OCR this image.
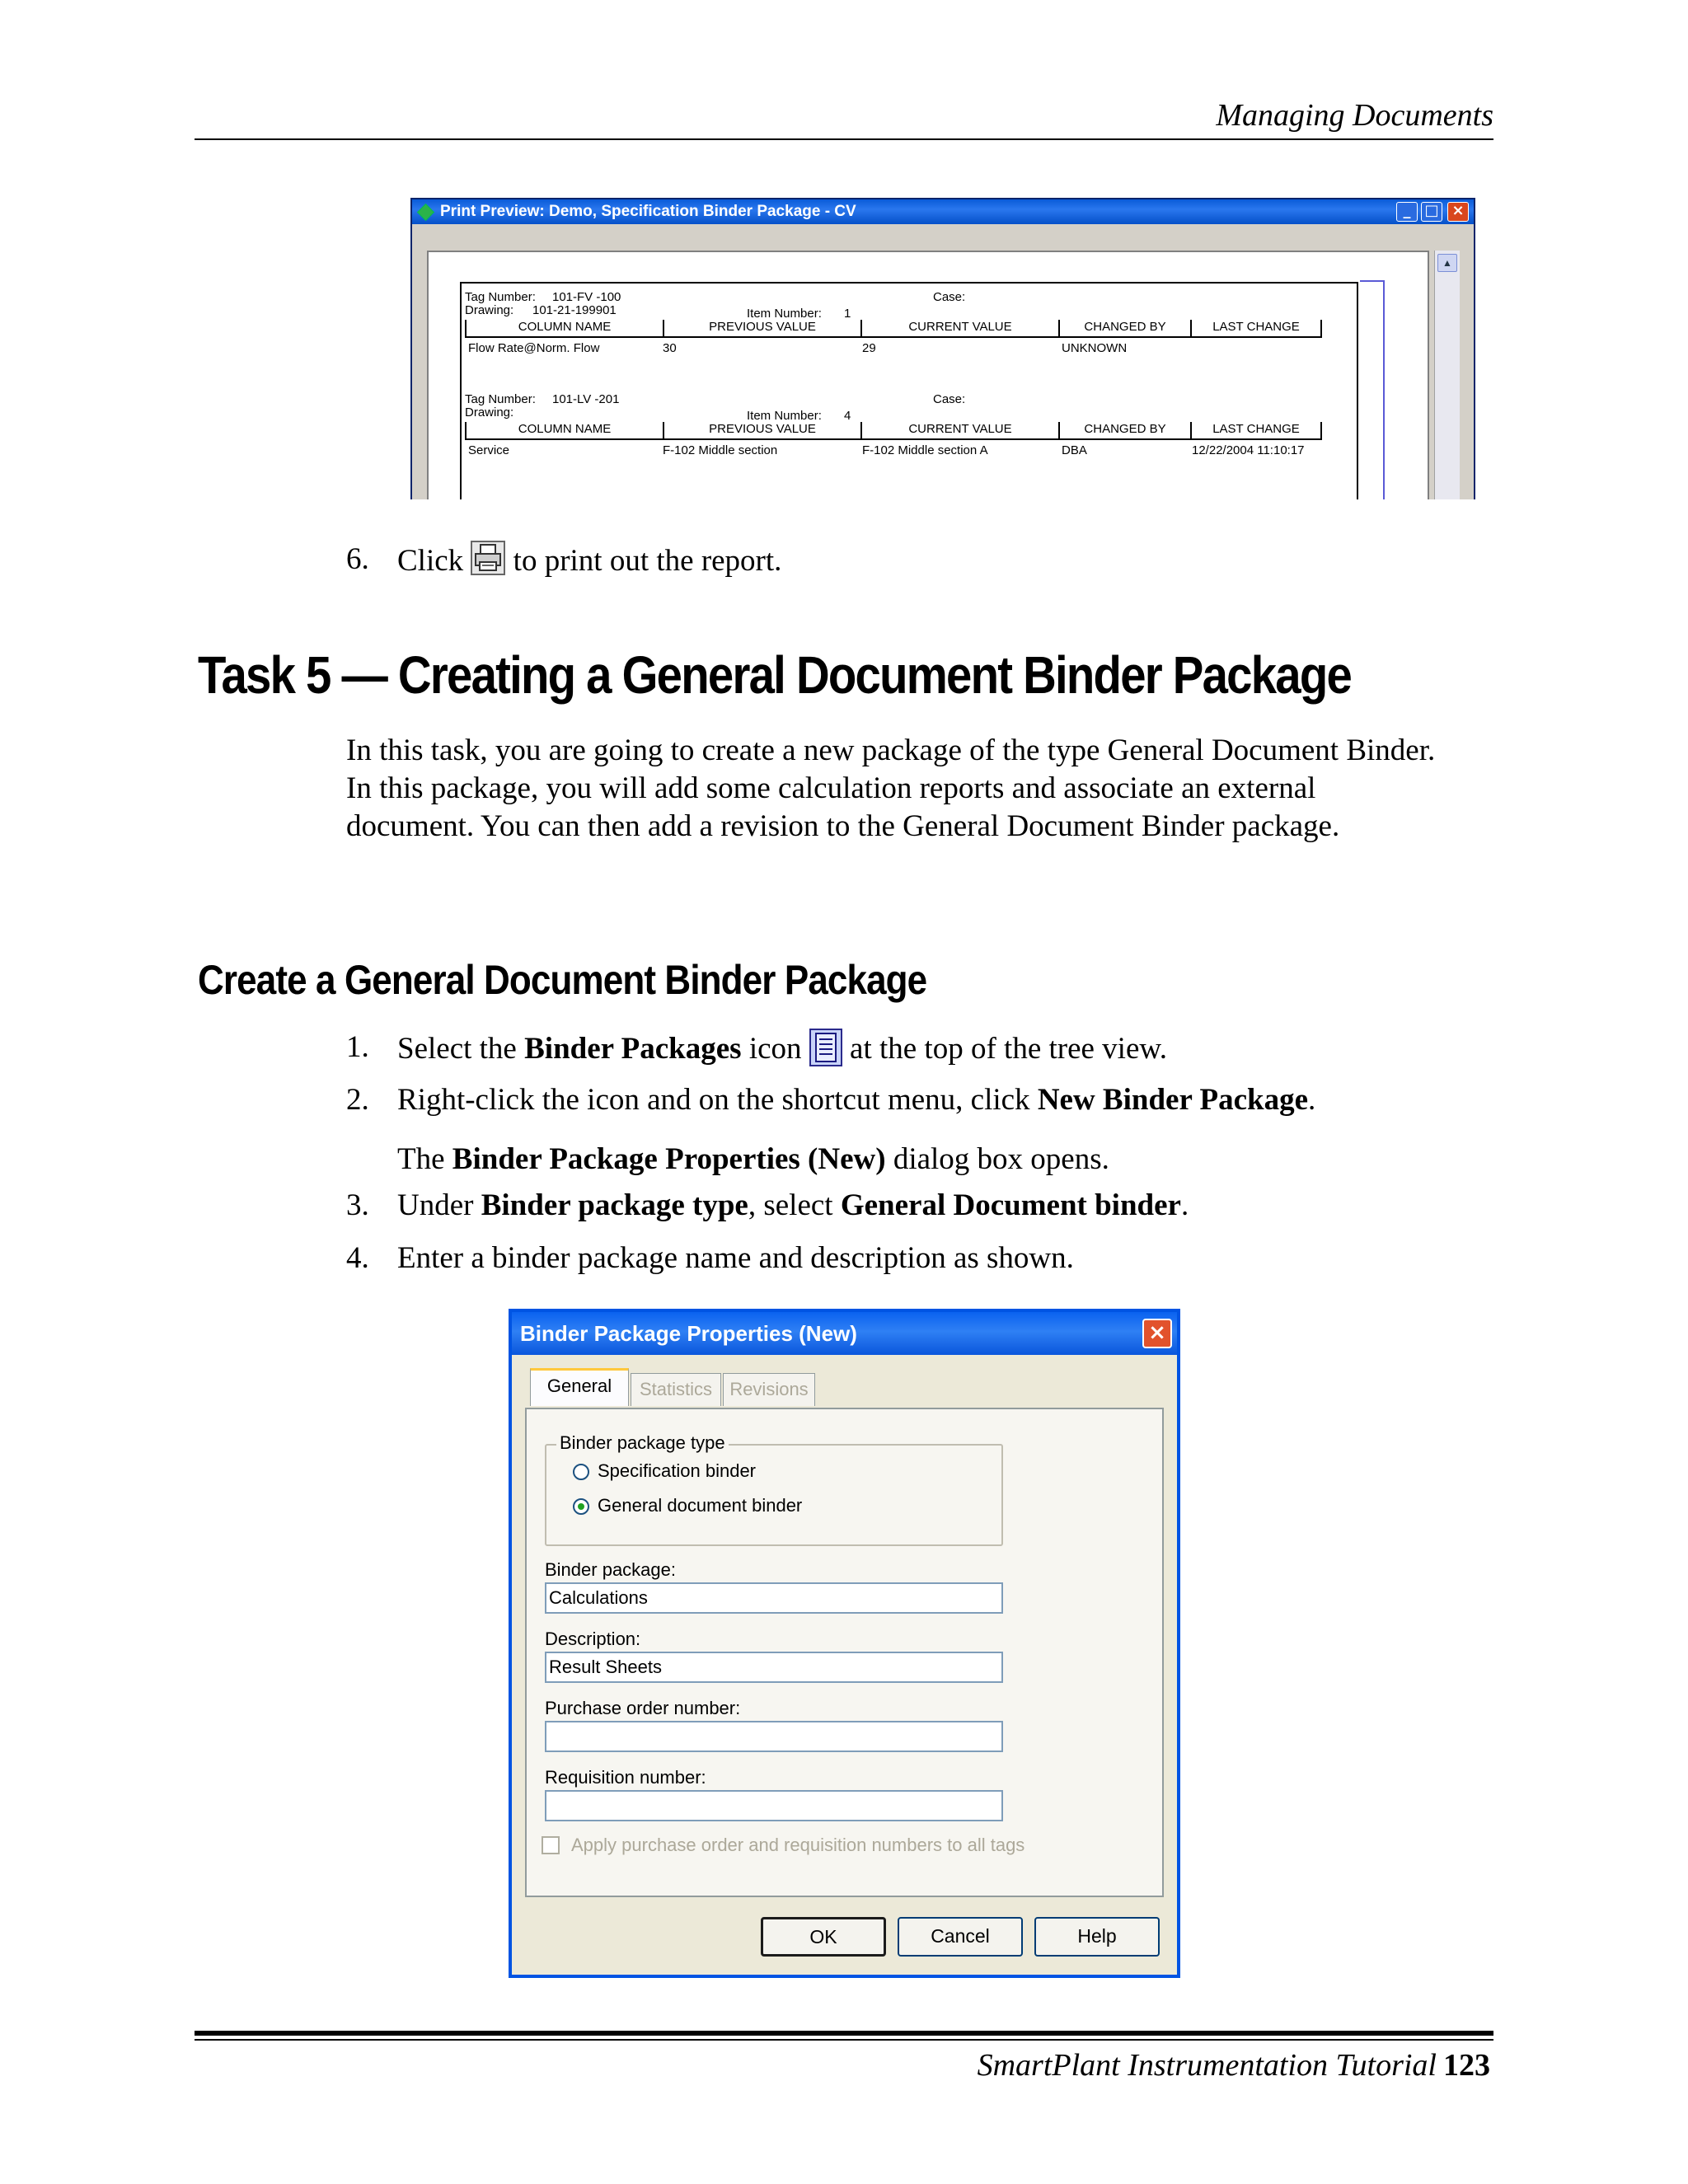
Managing Documents
Print Preview: Demo, Specification Binder Package - CV	_ □ ×
▲
Tag Number: 101-FV -100
Drawing: 101-21-199901
Case:
Item Number: 1
COLUMN NAME	PREVIOUS VALUE	CURRENT VALUE	CHANGED BY	LAST CHANGE
Flow Rate@Norm. Flow	30	29	UNKNOWN
Tag Number: 101-LV -201
Drawing:
Case:
Item Number: 4
COLUMN NAME	PREVIOUS VALUE	CURRENT VALUE	CHANGED BY	LAST CHANGE
Service	F-102 Middle section	F-102 Middle section A	DBA	12/22/2004 11:10:17
6. Click to print out the report.
Task 5 — Creating a General Document Binder Package
In this task, you are going to create a new package of the type General Document Binder. In this package, you will add some calculation reports and associate an external document. You can then add a revision to the General Document Binder package.
Create a General Document Binder Package
1. Select the Binder Packages icon at the top of the tree view.
2. Right-click the icon and on the shortcut menu, click New Binder Package.
The Binder Package Properties (New) dialog box opens.
3. Under Binder package type, select General Document binder.
4. Enter a binder package name and description as shown.
Binder Package Properties (New)	×
General	Statistics Revisions
Binder package type
Specification binder
General document binder
Binder package:
Calculations
Description:
Result Sheets
Purchase order number:
Requisition number:
Apply purchase order and requisition numbers to all tags
OK	Cancel	Help
SmartPlant Instrumentation Tutorial 123
